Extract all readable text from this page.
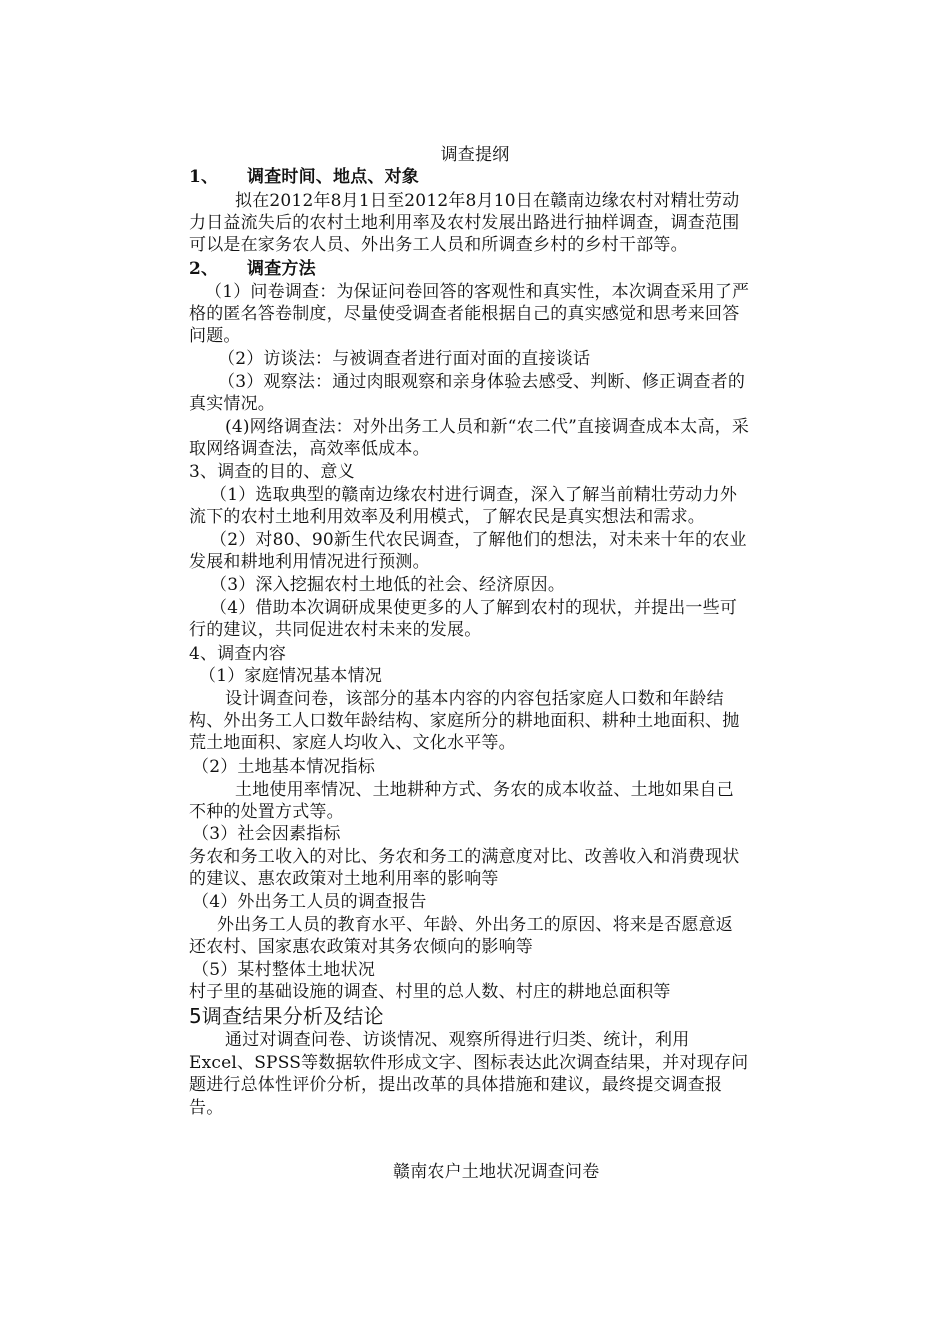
调查提纲
1、 调查时间、地点、对象
拟在2012年8月1日至2012年8月10日在赣南边缘农村对精壮劳动
力日益流失后的农村土地利用率及农村发展出路进行抽样调查，调查范围
可以是在家务农人员、外出务工人员和所调查乡村的乡村干部等。
2、 调查方法
（1）问卷调查：为保证问卷回答的客观性和真实性，本次调查采用了严
格的匿名答卷制度，尽量使受调查者能根据自己的真实感觉和思考来回答
问题。
（2）访谈法：与被调查者进行面对面的直接谈话
（3）观察法：通过肉眼观察和亲身体验去感受、判断、修正调查者的
真实情况。
(4)网络调查法：对外出务工人员和新“农二代”直接调查成本太高，采
取网络调查法，高效率低成本。
3、调查的目的、意义
（1）选取典型的赣南边缘农村进行调查，深入了解当前精壮劳动力外
流下的农村土地利用效率及利用模式，了解农民是真实想法和需求。
（2）对80、90新生代农民调查，了解他们的想法，对未来十年的农业
发展和耕地利用情况进行预测。
（3）深入挖掘农村土地低的社会、经济原因。
（4）借助本次调研成果使更多的人了解到农村的现状，并提出一些可
行的建议，共同促进农村未来的发展。
4、调查内容
（1）家庭情况基本情况
设计调查问卷，该部分的基本内容的内容包括家庭人口数和年龄结
构、外出务工人口数年龄结构、家庭所分的耕地面积、耕种土地面积、抛
荒土地面积、家庭人均收入、文化水平等。
（2）土地基本情况指标
土地使用率情况、土地耕种方式、务农的成本收益、土地如果自己
不种的处置方式等。
（3）社会因素指标
务农和务工收入的对比、务农和务工的满意度对比、改善收入和消费现状
的建议、惠农政策对土地利用率的影响等
（4）外出务工人员的调查报告
外出务工人员的教育水平、年龄、外出务工的原因、将来是否愿意返
还农村、国家惠农政策对其务农倾向的影响等
（5）某村整体土地状况
村子里的基础设施的调查、村里的总人数、村庄的耕地总面积等
5调查结果分析及结论
通过对调查问卷、访谈情况、观察所得进行归类、统计，利用
Excel、SPSS等数据软件形成文字、图标表达此次调查结果，并对现存问
题进行总体性评价分析，提出改革的具体措施和建议，最终提交调查报
告。
赣南农户土地状况调查问卷
